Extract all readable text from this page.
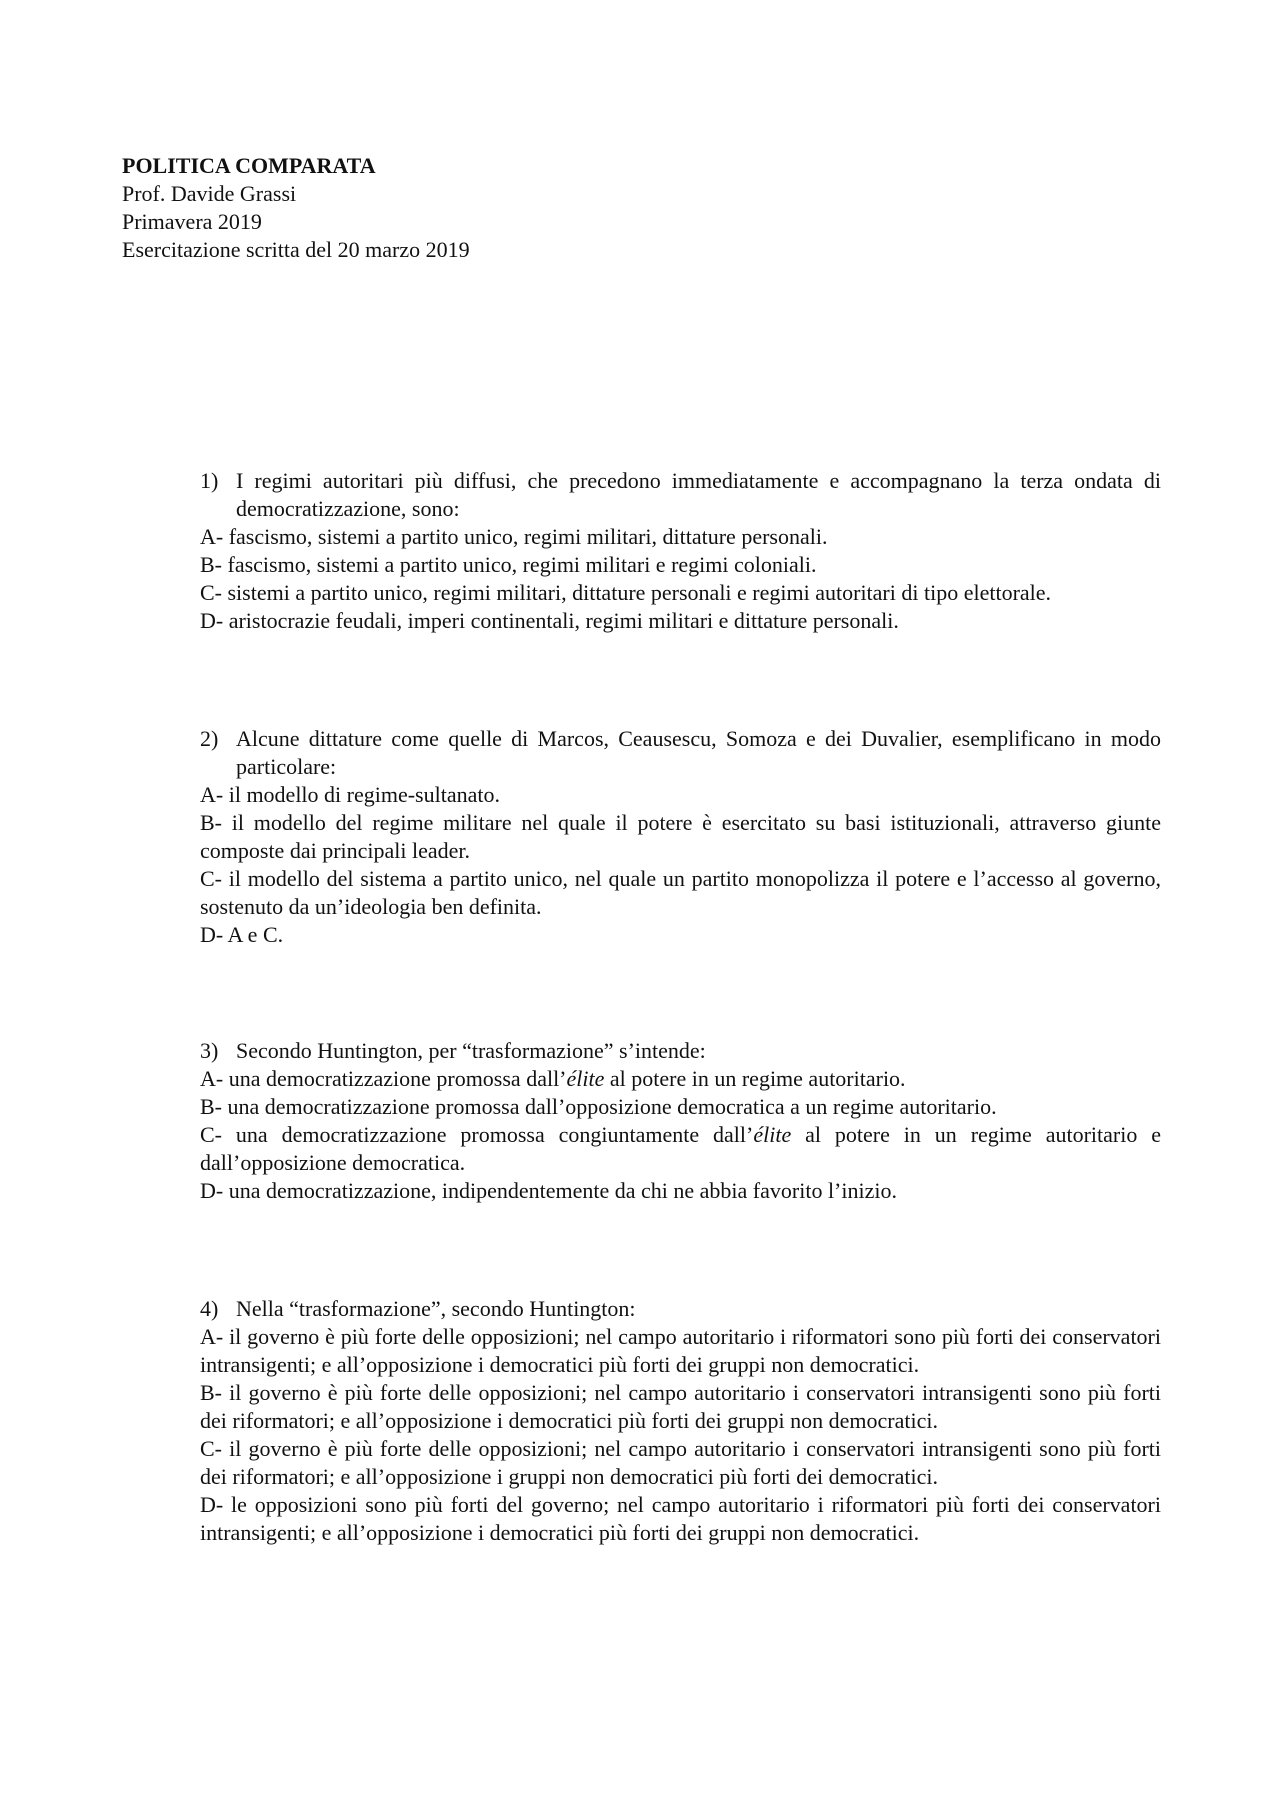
POLITICA COMPARATA
Prof. Davide Grassi
Primavera 2019
Esercitazione scritta del 20 marzo 2019
1) I regimi autoritari più diffusi, che precedono immediatamente e accompagnano la terza ondata di democratizzazione, sono:
A- fascismo, sistemi a partito unico, regimi militari, dittature personali.
B- fascismo, sistemi a partito unico, regimi militari e regimi coloniali.
C- sistemi a partito unico, regimi militari, dittature personali e regimi autoritari di tipo elettorale.
D- aristocrazie feudali, imperi continentali, regimi militari e dittature personali.
2) Alcune dittature come quelle di Marcos, Ceausescu, Somoza e dei Duvalier, esemplificano in modo particolare:
A- il modello di regime-sultanato.
B- il modello del regime militare nel quale il potere è esercitato su basi istituzionali, attraverso giunte composte dai principali leader.
C- il modello del sistema a partito unico, nel quale un partito monopolizza il potere e l’accesso al governo, sostenuto da un’ideologia ben definita.
D- A e C.
3) Secondo Huntington, per “trasformazione” s’intende:
A- una democratizzazione promossa dall’élite al potere in un regime autoritario.
B- una democratizzazione promossa dall’opposizione democratica a un regime autoritario.
C- una democratizzazione promossa congiuntamente dall’élite al potere in un regime autoritario e dall’opposizione democratica.
D- una democratizzazione, indipendentemente da chi ne abbia favorito l’inizio.
4) Nella “trasformazione”, secondo Huntington:
A- il governo è più forte delle opposizioni; nel campo autoritario i riformatori sono più forti dei conservatori intransigenti; e all’opposizione i democratici più forti dei gruppi non democratici.
B- il governo è più forte delle opposizioni; nel campo autoritario i conservatori intransigenti sono più forti dei riformatori; e all’opposizione i democratici più forti dei gruppi non democratici.
C- il governo è più forte delle opposizioni; nel campo autoritario i conservatori intransigenti sono più forti dei riformatori; e all’opposizione i gruppi non democratici più forti dei democratici.
D- le opposizioni sono più forti del governo; nel campo autoritario i riformatori più forti dei conservatori intransigenti; e all’opposizione i democratici più forti dei gruppi non democratici.
